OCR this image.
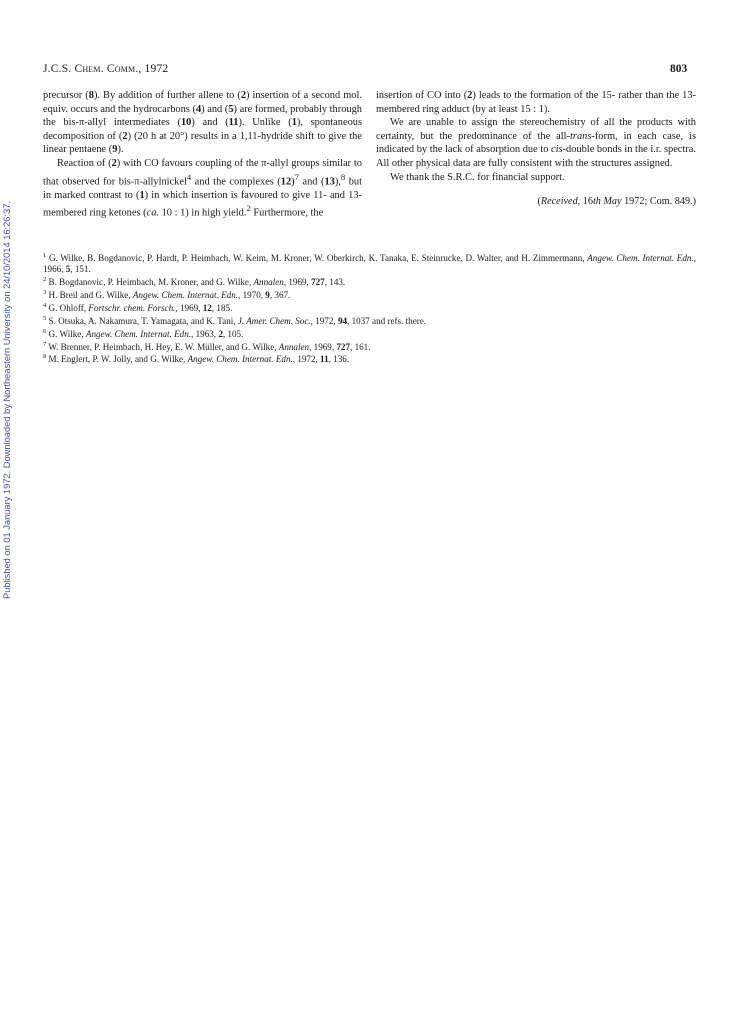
Published on 01 January 1972. Downloaded by Northeastern University on 24/10/2014 16:26:37.
J.C.S. Chem. Comm., 1972	803

precursor (8). By addition of further allene to (2) insertion of a second mol. equiv. occurs and the hydrocarbons (4) and (5) are formed, probably through the bis-π-allyl intermediates (10) and (11). Unlike (1), spontaneous decomposition of (2) (20 h at 20°) results in a 1,11-hydride shift to give the linear pentaene (9).

Reaction of (2) with CO favours coupling of the π-allyl groups similar to that observed for bis-π-allylnickel$^4$ and the complexes $(12)^7$ and (13),$^8$ but in marked contrast to (1) in which insertion is favoured to give 11- and 13-membered ring ketones (ca. 10 : 1) in high yield.$^2$ Furthermore, the

insertion of CO into (2) leads to the formation of the 15- rather than the 13-membered ring adduct (by at least 15 : 1).

We are unable to assign the stereochemistry of all the products with certainty, but the predominance of the all-trans-form, in each case, is indicated by the lack of absorption due to cis-double bonds in the i.r. spectra. All other physical data are fully consistent with the structures assigned.

We thank the S.R.C. for financial support.

(Received, 16th May 1972; Com. 849.)

$^1$ G. Wilke, B. Bogdanovic, P. Hardt, P. Heimbach, W. Keim, M. Kroner, W. Oberkirch, K. Tanaka, E. Steinrucke, D. Walter, and H. Zimmermann, Angew. Chem. Internat. Edn., 1966, 5, 151.

$^2$ B. Bogdanovic, P. Heimbach, M. Kroner, and G. Wilke, Annalen, 1969, 727, 143.

$^3$ H. Breil and G. Wilke, Angew. Chem. Internat. Edn., 1970, 9, 367.

$^4$ G. Ohloff, Fortschr. chem. Forsch., 1969, 12, 185.

$^5$ S. Otsuka, A. Nakamura, T. Yamagata, and K. Tani, J. Amer. Chem. Soc., 1972, 94, 1037 and refs. there.

$^6$ G. Wilke, Angew. Chem. Internat. Edn., 1963, 2, 105.

$^7$ W. Brenner, P. Heimbach, H. Hey, E. W. Müller, and G. Wilke, Annalen, 1969, 727, 161.

$^8$ M. Englert, P. W. Jolly, and G. Wilke, Angew. Chem. Internat. Edn., 1972, 11, 136.
